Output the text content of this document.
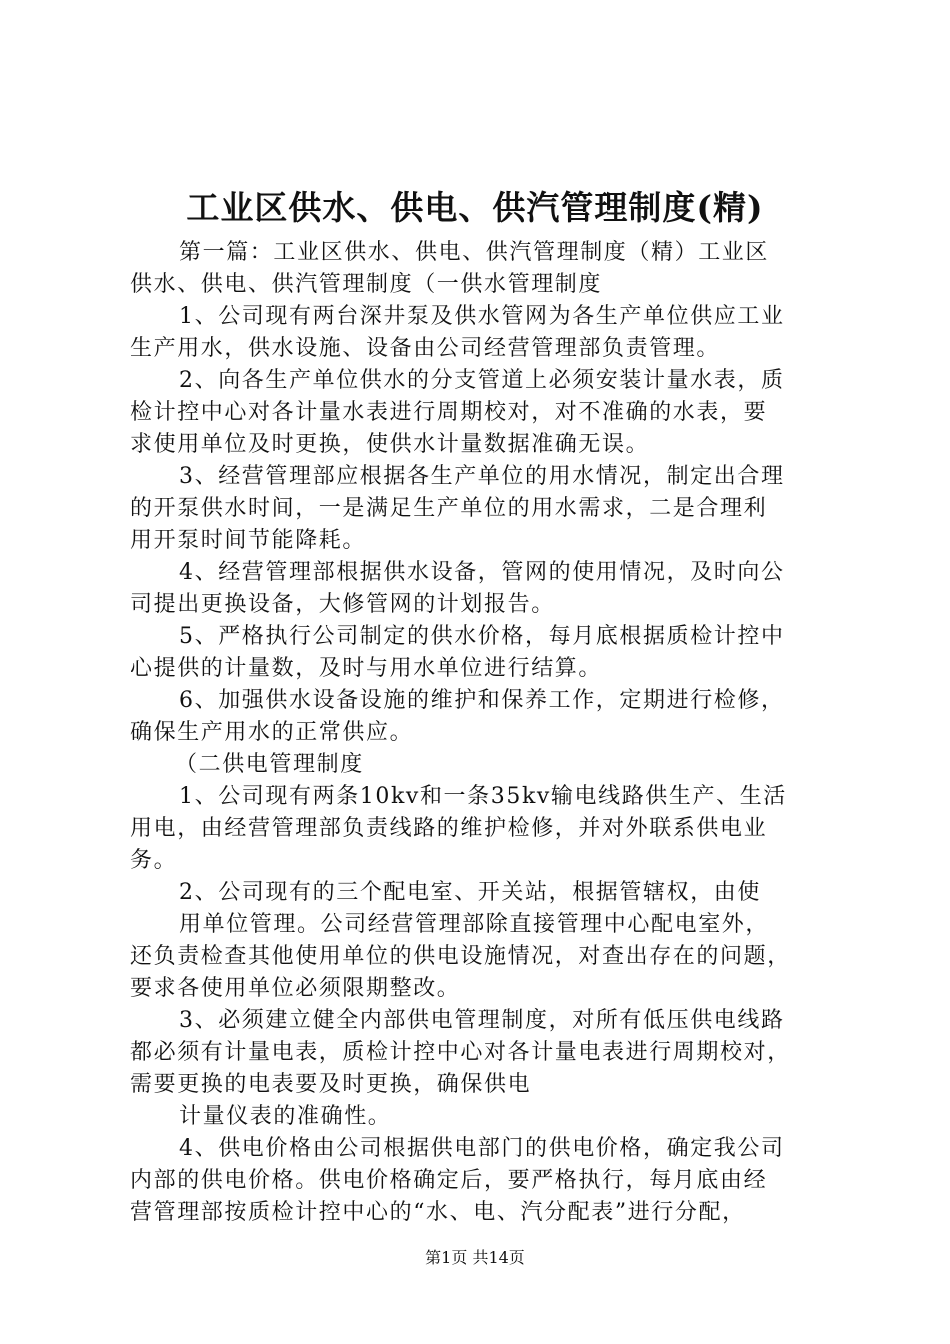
工业区供水、供电、供汽管理制度(精)
第一篇：工业区供水、供电、供汽管理制度（精）工业区
供水、供电、供汽管理制度（一供水管理制度
1、公司现有两台深井泵及供水管网为各生产单位供应工业
生产用水，供水设施、设备由公司经营管理部负责管理。
2、向各生产单位供水的分支管道上必须安装计量水表，质
检计控中心对各计量水表进行周期校对，对不准确的水表，要
求使用单位及时更换，使供水计量数据准确无误。
3、经营管理部应根据各生产单位的用水情况，制定出合理
的开泵供水时间，一是满足生产单位的用水需求，二是合理利
用开泵时间节能降耗。
4、经营管理部根据供水设备，管网的使用情况，及时向公
司提出更换设备，大修管网的计划报告。
5、严格执行公司制定的供水价格，每月底根据质检计控中
心提供的计量数，及时与用水单位进行结算。
6、加强供水设备设施的维护和保养工作，定期进行检修，
确保生产用水的正常供应。
（二供电管理制度
1、公司现有两条10kv和一条35kv输电线路供生产、生活
用电，由经营管理部负责线路的维护检修，并对外联系供电业
务。
2、公司现有的三个配电室、开关站，根据管辖权，由使
用单位管理。公司经营管理部除直接管理中心配电室外，
还负责检查其他使用单位的供电设施情况，对查出存在的问题，
要求各使用单位必须限期整改。
3、必须建立健全内部供电管理制度，对所有低压供电线路
都必须有计量电表，质检计控中心对各计量电表进行周期校对，
需要更换的电表要及时更换，确保供电
计量仪表的准确性。
4、供电价格由公司根据供电部门的供电价格，确定我公司
内部的供电价格。供电价格确定后，要严格执行，每月底由经
营管理部按质检计控中心的“水、电、汽分配表”进行分配，
第1页 共14页
